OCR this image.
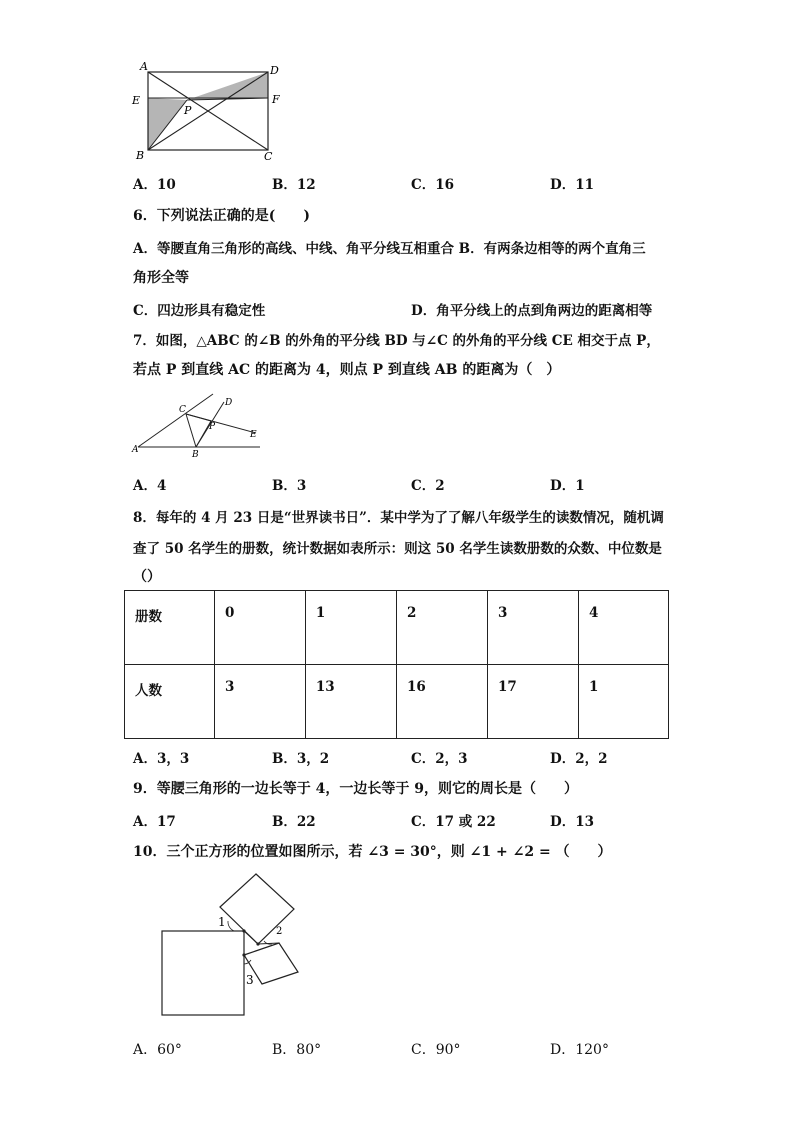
A	D
E	F
P
B	C
A．10	B．12	C．16	D．11
6．下列说法正确的是(　　)
A．等腰直角三角形的高线、中线、角平分线互相重合 B．有两条边相等的两个直角三
角形全等
C．四边形具有稳定性	D．角平分线上的点到角两边的距离相等
7．如图，△ABC 的∠B 的外角的平分线 BD 与∠C 的外角的平分线 CE 相交于点 P，
若点 P 到直线 AC 的距离为 4，则点 P 到直线 AB 的距离为（　）
C
D
P
E
A	B
A．4	B．3	C．2	D．1
8．每年的 4 月 23 日是“世界读书日”．某中学为了了解八年级学生的读数情况，随机调
查了 50 名学生的册数，统计数据如表所示：则这 50 名学生读数册数的众数、中位数是
（）
册数	0	1	2	3	4
人数	3	13	16	17	1
A．3，3	B．3，2	C．2，3	D．2，2
9．等腰三角形的一边长等于 4，一边长等于 9，则它的周长是（　　）
A．17	B．22	C．17 或 22	D．13
10．三个正方形的位置如图所示，若 ∠3 = 30°，则 ∠1 + ∠2 = （　　）
1
2
3
A．60°	B．80°	C．90°	D．120°
